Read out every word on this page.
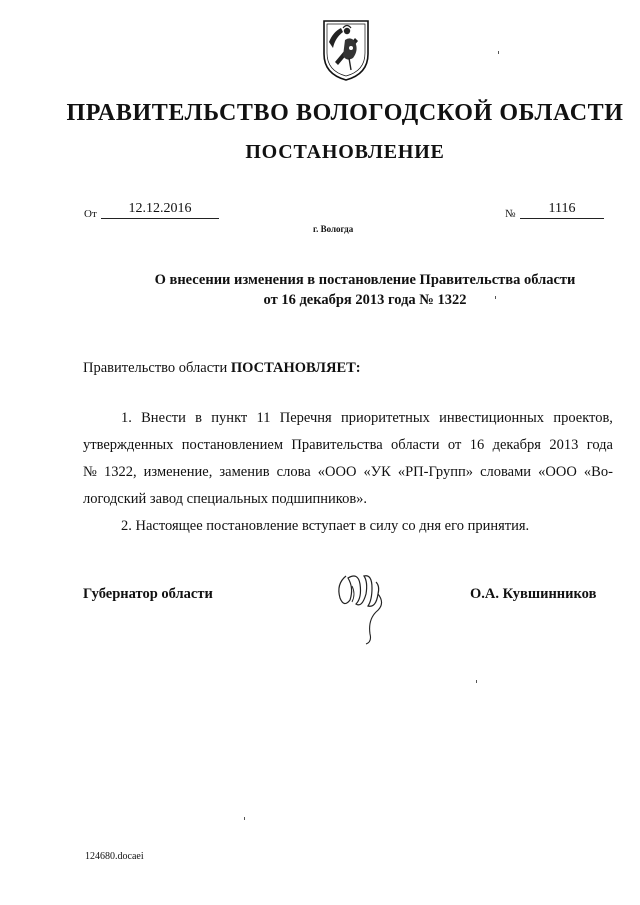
ПРАВИТЕЛЬСТВО ВОЛОГОДСКОЙ ОБЛАСТИ
ПОСТАНОВЛЕНИЕ
От	12.12.2016	№	1116
г. Вологда
О внесении изменения в постановление Правительства области
от 16 декабря 2013 года № 1322
Правительство области ПОСТАНОВЛЯЕТ:
1. Внести в пункт 11 Перечня приоритетных инвестиционных проектов,
утвержденных постановлением Правительства области от 16 декабря 2013 года
№ 1322, изменение, заменив слова «ООО «УК «РП-Групп» словами «ООО «Во-
логодский завод специальных подшипников».
2. Настоящее постановление вступает в силу со дня его принятия.
Губернатор области	О.А. Кувшинников
124680.docaei
